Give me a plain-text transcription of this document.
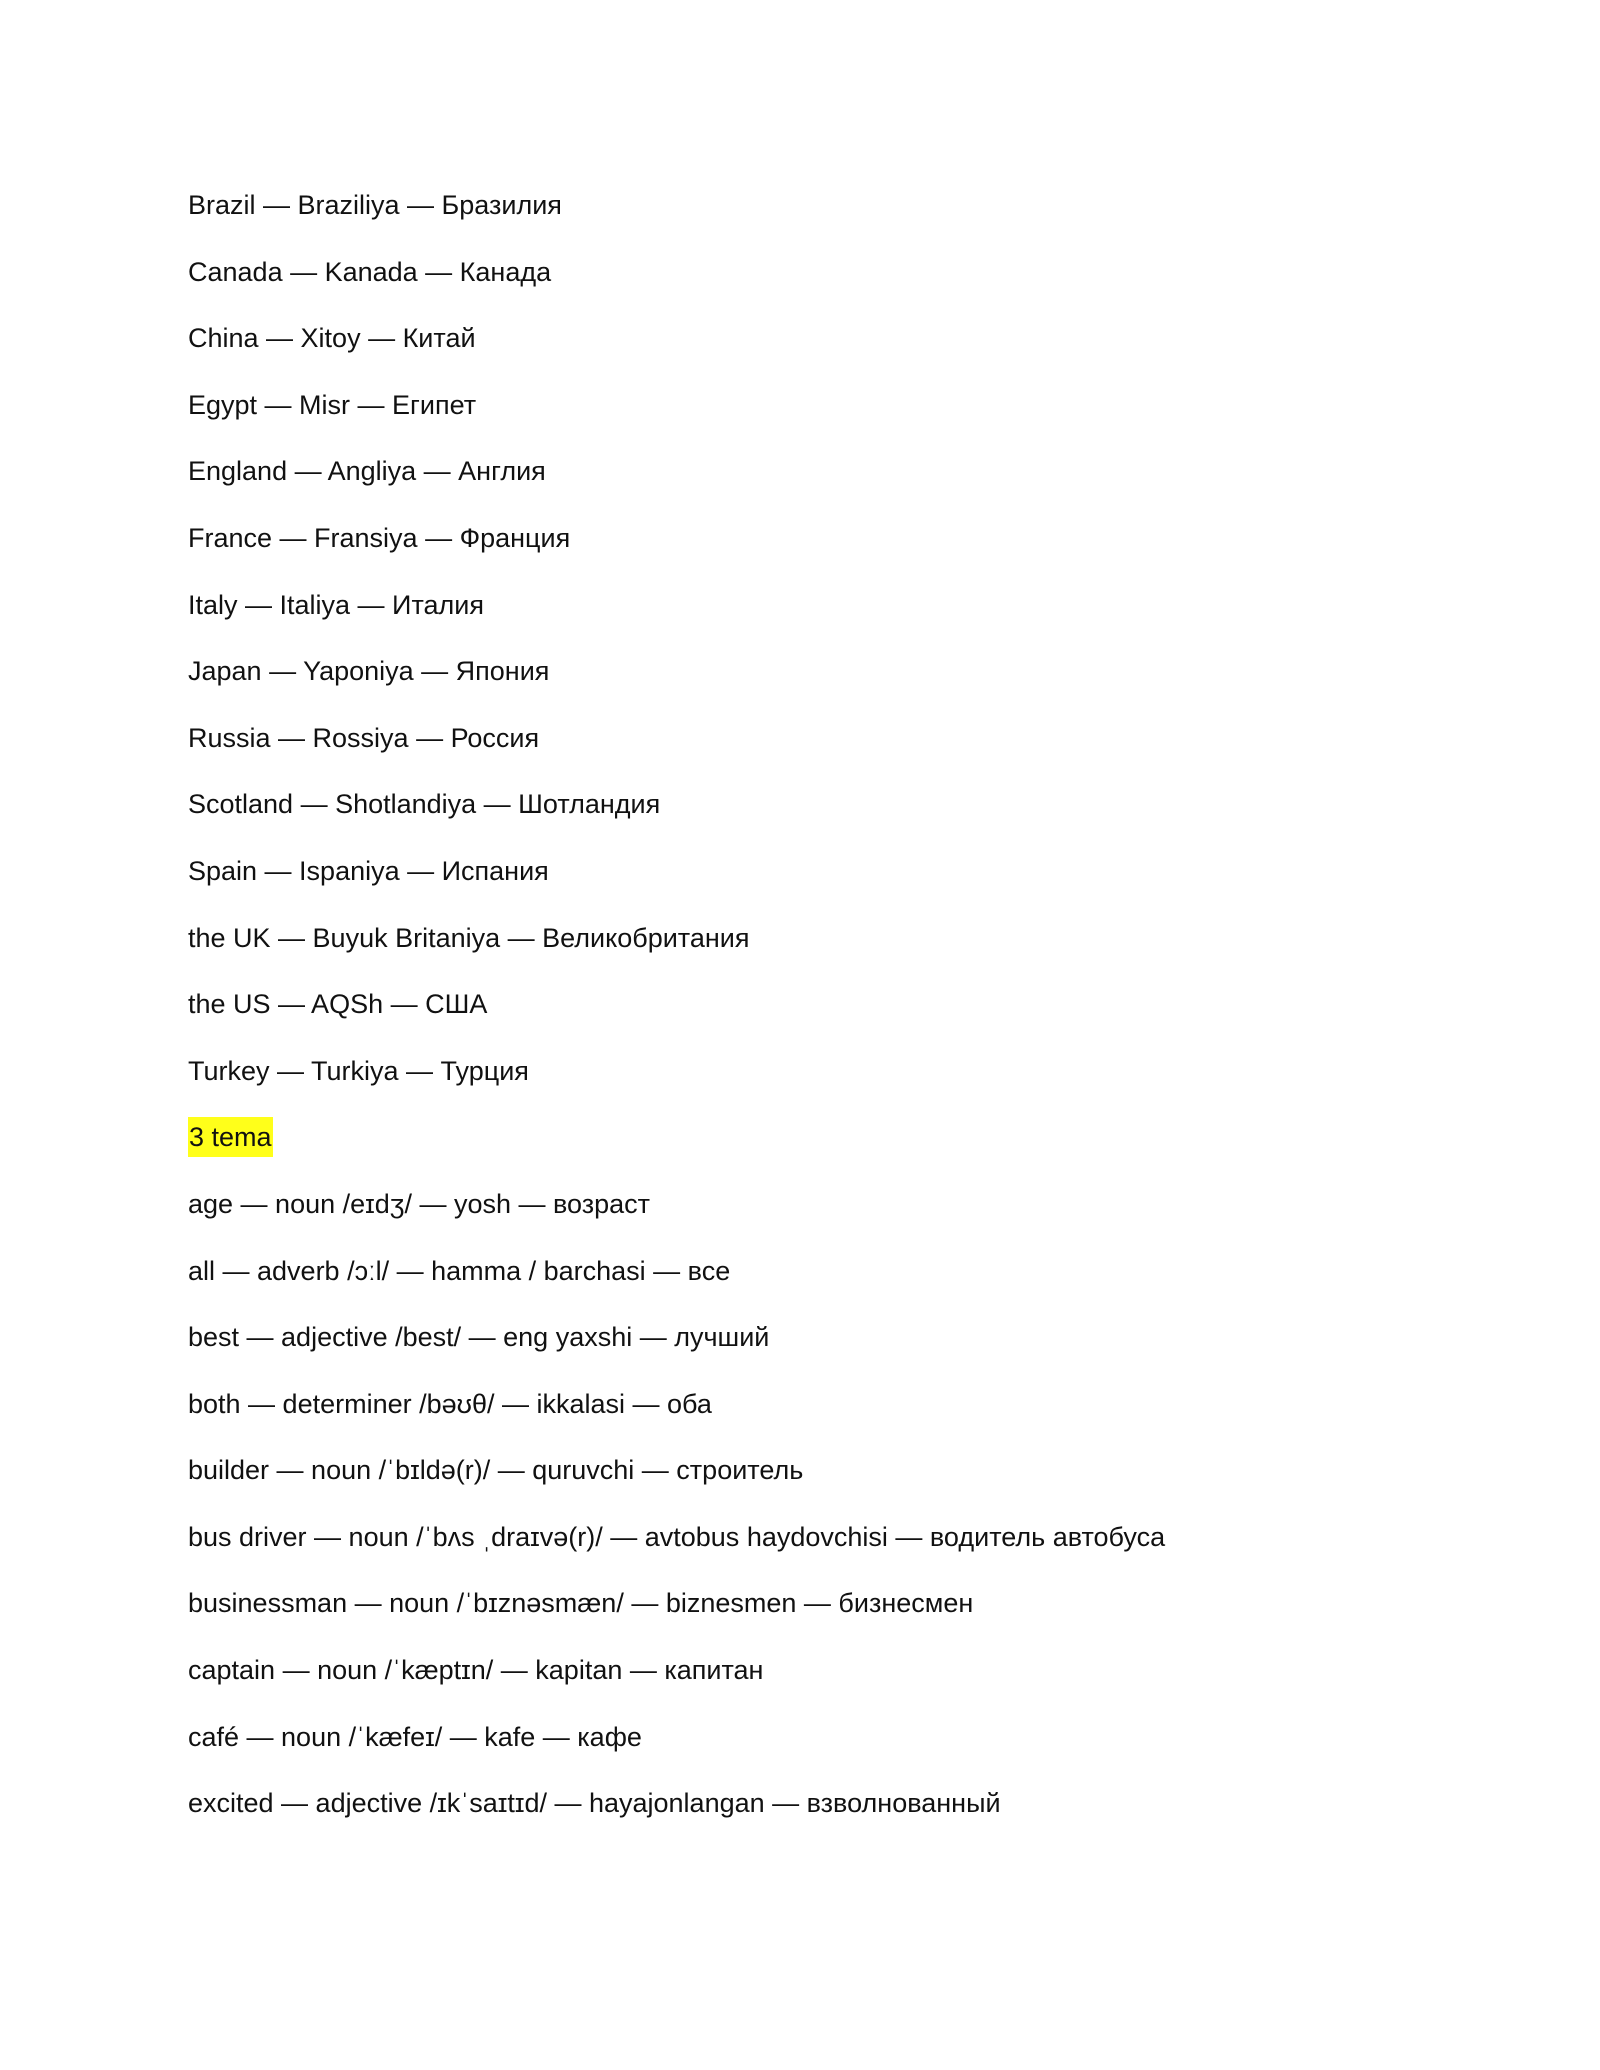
Brazil — Braziliya — Бразилия
Canada — Kanada — Канада
China — Xitoy — Китай
Egypt — Misr — Египет
England — Angliya — Англия
France — Fransiya — Франция
Italy — Italiya — Италия
Japan — Yaponiya — Япония
Russia — Rossiya — Россия
Scotland — Shotlandiya — Шотландия
Spain — Ispaniya — Испания
the UK — Buyuk Britaniya — Великобритания
the US — AQSh — США
Turkey — Turkiya — Турция
3 tema
age — noun /eɪdʒ/ — yosh — возраст
all — adverb /ɔːl/ — hamma / barchasi — все
best — adjective /best/ — eng yaxshi — лучший
both — determiner /bəʊθ/ — ikkalasi — оба
builder — noun /ˈbɪldə(r)/ — quruvchi — строитель
bus driver — noun /ˈbʌs ˌdraɪvə(r)/ — avtobus haydovchisi — водитель автобуса
businessman — noun /ˈbɪznəsmæn/ — biznesmen — бизнесмен
captain — noun /ˈkæptɪn/ — kapitan — капитан
café — noun /ˈkæfeɪ/ — kafe — кафе
excited — adjective /ɪkˈsaɪtɪd/ — hayajonlangan — взволнованный
